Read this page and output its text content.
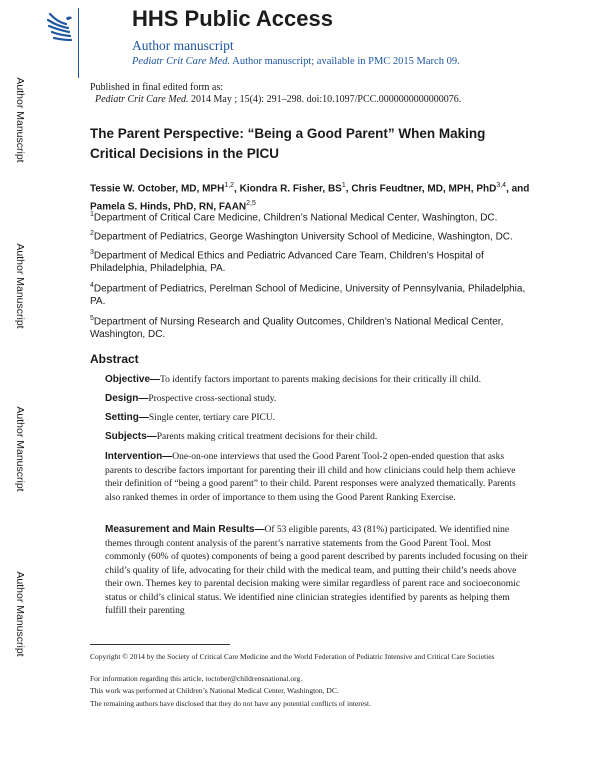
Author Manuscript
Author Manuscript
Author Manuscript
Author Manuscript
HHS Public Access
Author manuscript
Pediatr Crit Care Med. Author manuscript; available in PMC 2015 March 09.
Published in final edited form as:
Pediatr Crit Care Med. 2014 May ; 15(4): 291–298. doi:10.1097/PCC.0000000000000076.
The Parent Perspective: “Being a Good Parent” When Making Critical Decisions in the PICU
Tessie W. October, MD, MPH$^{1,2}$, Kiondra R. Fisher, $BS^1$, Chris Feudtner, MD, MPH, PhD$^{3,4}$, and Pamela S. Hinds, PhD, RN, FAAN$^{2,5}$
$^1$Department of Critical Care Medicine, Children’s National Medical Center, Washington, DC.
$^2$Department of Pediatrics, George Washington University School of Medicine, Washington, DC.
$^3$Department of Medical Ethics and Pediatric Advanced Care Team, Children’s Hospital of Philadelphia, Philadelphia, PA.
$^4$Department of Pediatrics, Perelman School of Medicine, University of Pennsylvania, Philadelphia, PA.
$^5$Department of Nursing Research and Quality Outcomes, Children’s National Medical Center, Washington, DC.
Abstract
Objective—To identify factors important to parents making decisions for their critically ill child.
Design—Prospective cross-sectional study.
Setting—Single center, tertiary care PICU.
Subjects—Parents making critical treatment decisions for their child.
Intervention—One-on-one interviews that used the Good Parent Tool-2 open-ended question that asks parents to describe factors important for parenting their ill child and how clinicians could help them achieve their definition of “being a good parent” to their child. Parent responses were analyzed thematically. Parents also ranked themes in order of importance to them using the Good Parent Ranking Exercise.
Measurement and Main Results—Of 53 eligible parents, 43 (81%) participated. We identified nine themes through content analysis of the parent’s narrative statements from the Good Parent Tool. Most commonly (60% of quotes) components of being a good parent described by parents included focusing on their child’s quality of life, advocating for their child with the medical team, and putting their child’s needs above their own. Themes key to parental decision making were similar regardless of parent race and socioeconomic status or child’s clinical status. We identified nine clinician strategies identified by parents as helping them fulfill their parenting
Copyright © 2014 by the Society of Critical Care Medicine and the World Federation of Pediatric Intensive and Critical Care Societies
For information regarding this article, toctober@childrensnational.org.
This work was performed at Children’s National Medical Center, Washington, DC.
The remaining authors have disclosed that they do not have any potential conflicts of interest.
